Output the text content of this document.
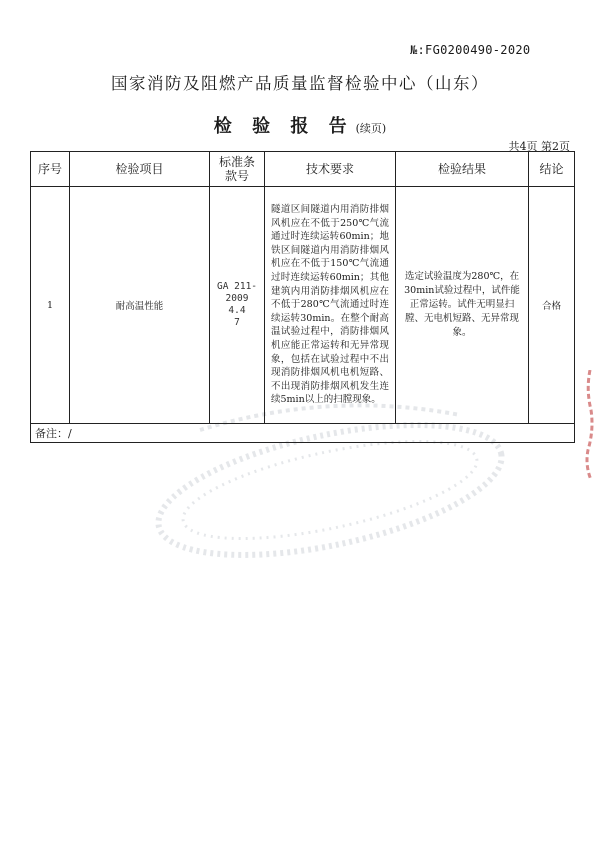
№:FG0200490-2020
国家消防及阻燃产品质量监督检验中心（山东）
检 验 报 告 (续页)
共4页 第2页
序号	检验项目	标准条
款号	技术要求	检验结果	结论
1	耐高温性能	GA 211-
2009
4.4
7	隧道区间隧道内用消防排烟风机应在不低于250℃气流通过时连续运转60min；地铁区间隧道内用消防排烟风机应在不低于150℃气流通过时连续运转60min；其他建筑内用消防排烟风机应在不低于280℃气流通过时连续运转30min。在整个耐高温试验过程中，消防排烟风机应能正常运转和无异常现象，包括在试验过程中不出现消防排烟风机电机短路、不出现消防排烟风机发生连续5min以上的扫膛现象。	选定试验温度为280℃，在30min试验过程中，试件能正常运转。试件无明显扫膛、无电机短路、无异常现象。	合格
备注：/					
